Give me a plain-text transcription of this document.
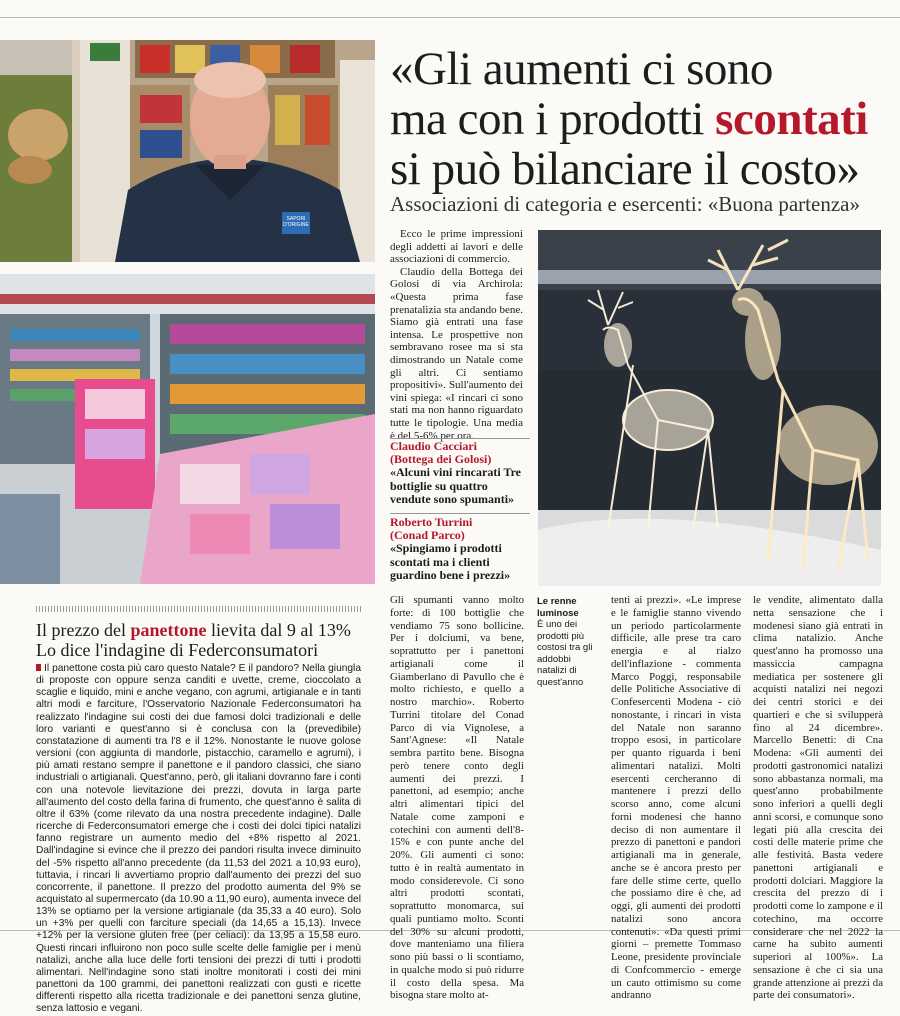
SAPORI D'ORIGINE
«Gli aumenti ci sono
ma con i prodotti scontati
si può bilanciare il costo»
Associazioni di categoria e esercenti: «Buona partenza»

Ecco le prime impressioni degli addetti ai lavori e delle associazioni di commercio.

Claudio della Bottega dei Golosi di via Archirola: «Questa prima fase prenatalizia sta andando bene. Siamo già entrati una fase intensa. Le prospettive non sembravano rosee ma si sta dimostrando un Natale come gli altri. Ci sentiamo propositivi». Sull'aumento dei vini spiega: «I rincari ci sono stati ma non hanno riguardato tutte le tipologie. Una media è del 5-6% per ora.

Claudio Cacciari
(Bottega dei Golosi)
«Alcuni vini rincarati Tre bottiglie su quattro vendute sono spumanti»
Roberto Turrini
(Conad Parco)
«Spingiamo i prodotti scontati ma i clienti guardino bene i prezzi»
Il prezzo del panettone lievita dal 9 al 13%
Lo dice l'indagine di Federconsumatori
Il panettone costa più caro questo Natale? E il pandoro? Nella giungla di proposte con oppure senza canditi e uvette, creme, cioccolato a scaglie e liquido, mini e anche vegano, con agrumi, artigianale e in tanti altri modi e farciture, l'Osservatorio Nazionale Federconsumatori ha realizzato l'indagine sui costi dei due famosi dolci tradizionali e delle loro varianti e quest'anno si è conclusa con la (prevedibile) constatazione di aumenti tra l'8 e il 12%. Nonostante le nuove golose versioni (con aggiunta di mandorle, pistacchio, caramello e agrumi), i più amati restano sempre il panettone e il pandoro classici, che siano industriali o artigianali. Quest'anno, però, gli italiani dovranno fare i conti con una notevole lievitazione dei prezzi, dovuta in larga parte all'aumento del costo della farina di frumento, che quest'anno è salita di oltre il 63% (come rilevato da una nostra precedente indagine). Dalle ricerche di Federconsumatori emerge che i costi dei dolci tipici natalizi fanno registrare un aumento medio del +8% rispetto al 2021. Dall'indagine si evince che il prezzo dei pandori risulta invece diminuito del -5% rispetto all'anno precedente (da 11,53 del 2021 a 10,93 euro), tuttavia, i rincari li avvertiamo proprio dall'aumento dei prezzi del suo concorrente, il panettone. Il prezzo del prodotto aumenta del 9% se acquistato al supermercato (da 10.90 a 11,90 euro), aumenta invece del 13% se optiamo per la versione artigianale (da 35,33 a 40 euro). Solo un +3% per quelli con farciture speciali (da 14,65 a 15,13). Invece +12% per la versione gluten free (per celiaci): da 13,95 a 15,58 euro. Questi rincari influirono non poco sulle scelte delle famiglie per i menù natalizi, anche alla luce delle forti tensioni dei prezzi di tutti i prodotti alimentari. Nell'indagine sono stati inoltre monitorati i costi dei mini panettoni da 100 grammi, dei panettoni realizzati con gusti e ricette differenti rispetto alla ricetta tradizionale e dei panettoni senza glutine, senza lattosio e vegani.
Le renne luminose
È uno dei prodotti più costosi tra gli addobbi natalizi di quest'anno

Gli spumanti vanno molto forte: di 100 bottiglie che vendiamo 75 sono bollicine. Per i dolciumi, va bene, soprattutto per i panettoni artigianali come il Giamberlano di Pavullo che è molto richiesto, e quello a nostro marchio». Roberto Turrini titolare del Conad Parco di via Vignolese, a Sant'Agnese: «Il Natale sembra partito bene. Bisogna però tenere conto degli aumenti dei prezzi. I panettoni, ad esempio; anche altri alimentari tipici del Natale come zamponi e cotechini con aumenti dell'8-15% e con punte anche del 20%. Gli aumenti ci sono: tutto è in realtà aumentato in modo considerevole. Ci sono altri prodotti scontati, soprattutto monomarca, sui quali puntiamo molto. Sconti del 30% su alcuni prodotti, dove manteniamo una filiera sono più bassi o li scontiamo, in qualche modo si può ridurre il costo della spesa. Ma bisogna stare molto at-

tenti ai prezzi». «Le imprese e le famiglie stanno vivendo un periodo particolarmente difficile, alle prese tra caro energia e al rialzo dell'inflazione - commenta Marco Poggi, responsabile delle Politiche Associative di Confesercenti Modena - ciò nonostante, i rincari in vista del Natale non saranno troppo esosi, in particolare per quanto riguarda i beni alimentari natalizi. Molti esercenti cercheranno di mantenere i prezzi dello scorso anno, come alcuni forni modenesi che hanno deciso di non aumentare il prezzo di panettoni e pandori artigianali ma in generale, anche se è ancora presto per fare delle stime certe, quello che possiamo dire è che, ad oggi, gli aumenti dei prodotti natalizi sono ancora contenuti». «Da questi primi giorni – premette Tommaso Leone, presidente provinciale di Confcommercio - emerge un cauto ottimismo su come andranno

le vendite, alimentato dalla netta sensazione che i modenesi siano già entrati in clima natalizio. Anche quest'anno ha promosso una massiccia campagna mediatica per sostenere gli acquisti natalizi nei negozi dei centri storici e dei quartieri e che si svilupperà fino al 24 dicembre». Marcello Benetti: di Cna Modena: «Gli aumenti dei prodotti gastronomici natalizi sono abbastanza normali, ma quest'anno probabilmente sono inferiori a quelli degli anni scorsi, e comunque sono legati più alla crescita dei costi delle materie prime che alle festività. Basta vedere panettoni artigianali e prodotti dolciari. Maggiore la crescita del prezzo di i prodotti come lo zampone e il cotechino, ma occorre considerare che nel 2022 la carne ha subito aumenti superiori al 100%». La sensazione è che ci sia una grande attenzione ai prezzi da parte dei consumatori».
